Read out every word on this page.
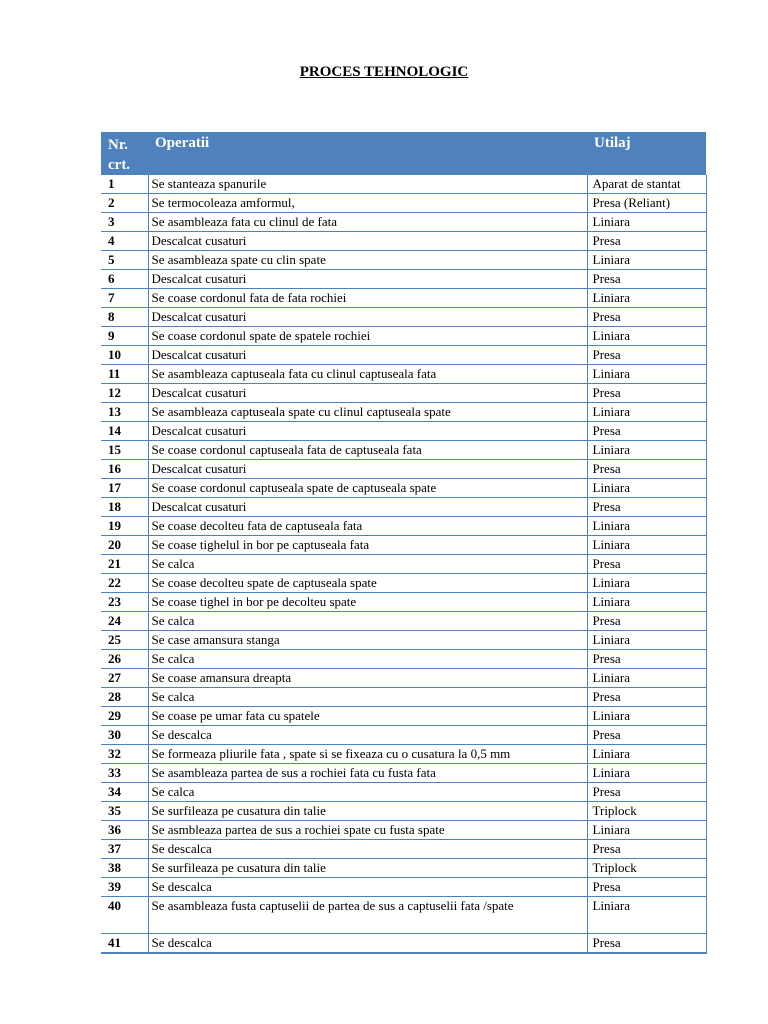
PROCES TEHNOLOGIC
Nr. crt.	Operatii	Utilaj
1	Se stanteaza spanurile	Aparat de stantat
2	Se termocoleaza amformul,	Presa (Reliant)
3	Se asambleaza fata cu clinul de fata	Liniara
4	Descalcat cusaturi	Presa
5	Se asambleaza spate cu clin spate	Liniara
6	Descalcat cusaturi	Presa
7	Se coase cordonul fata de fata rochiei	Liniara
8	Descalcat cusaturi	Presa
9	Se coase cordonul spate de spatele rochiei	Liniara
10	Descalcat cusaturi	Presa
11	Se asambleaza captuseala fata cu clinul captuseala fata	Liniara
12	Descalcat cusaturi	Presa
13	Se asambleaza captuseala spate cu clinul captuseala spate	Liniara
14	Descalcat cusaturi	Presa
15	Se coase cordonul captuseala fata de captuseala fata	Liniara
16	Descalcat cusaturi	Presa
17	Se coase cordonul captuseala spate de captuseala spate	Liniara
18	Descalcat cusaturi	Presa
19	Se coase decolteu fata de captuseala fata	Liniara
20	Se coase tighelul in bor pe captuseala fata	Liniara
21	Se calca	Presa
22	Se coase decolteu spate de captuseala spate	Liniara
23	Se coase tighel in bor pe decolteu spate	Liniara
24	Se calca	Presa
25	Se case amansura stanga	Liniara
26	Se calca	Presa
27	Se coase amansura dreapta	Liniara
28	Se calca	Presa
29	Se coase pe umar fata cu spatele	Liniara
30	Se descalca	Presa
32	Se formeaza pliurile fata , spate si se fixeaza cu o cusatura la 0,5 mm	Liniara
33	Se asambleaza partea de sus a rochiei fata cu fusta fata	Liniara
34	Se calca	Presa
35	Se surfileaza pe cusatura din talie	Triplock
36	Se asmbleaza partea de sus a rochiei spate cu fusta spate	Liniara
37	Se descalca	Presa
38	Se surfileaza pe cusatura din talie	Triplock
39	Se descalca	Presa
40	Se asambleaza fusta captuselii de partea de sus a captuselii fata /spate	Liniara
41	Se descalca	Presa
